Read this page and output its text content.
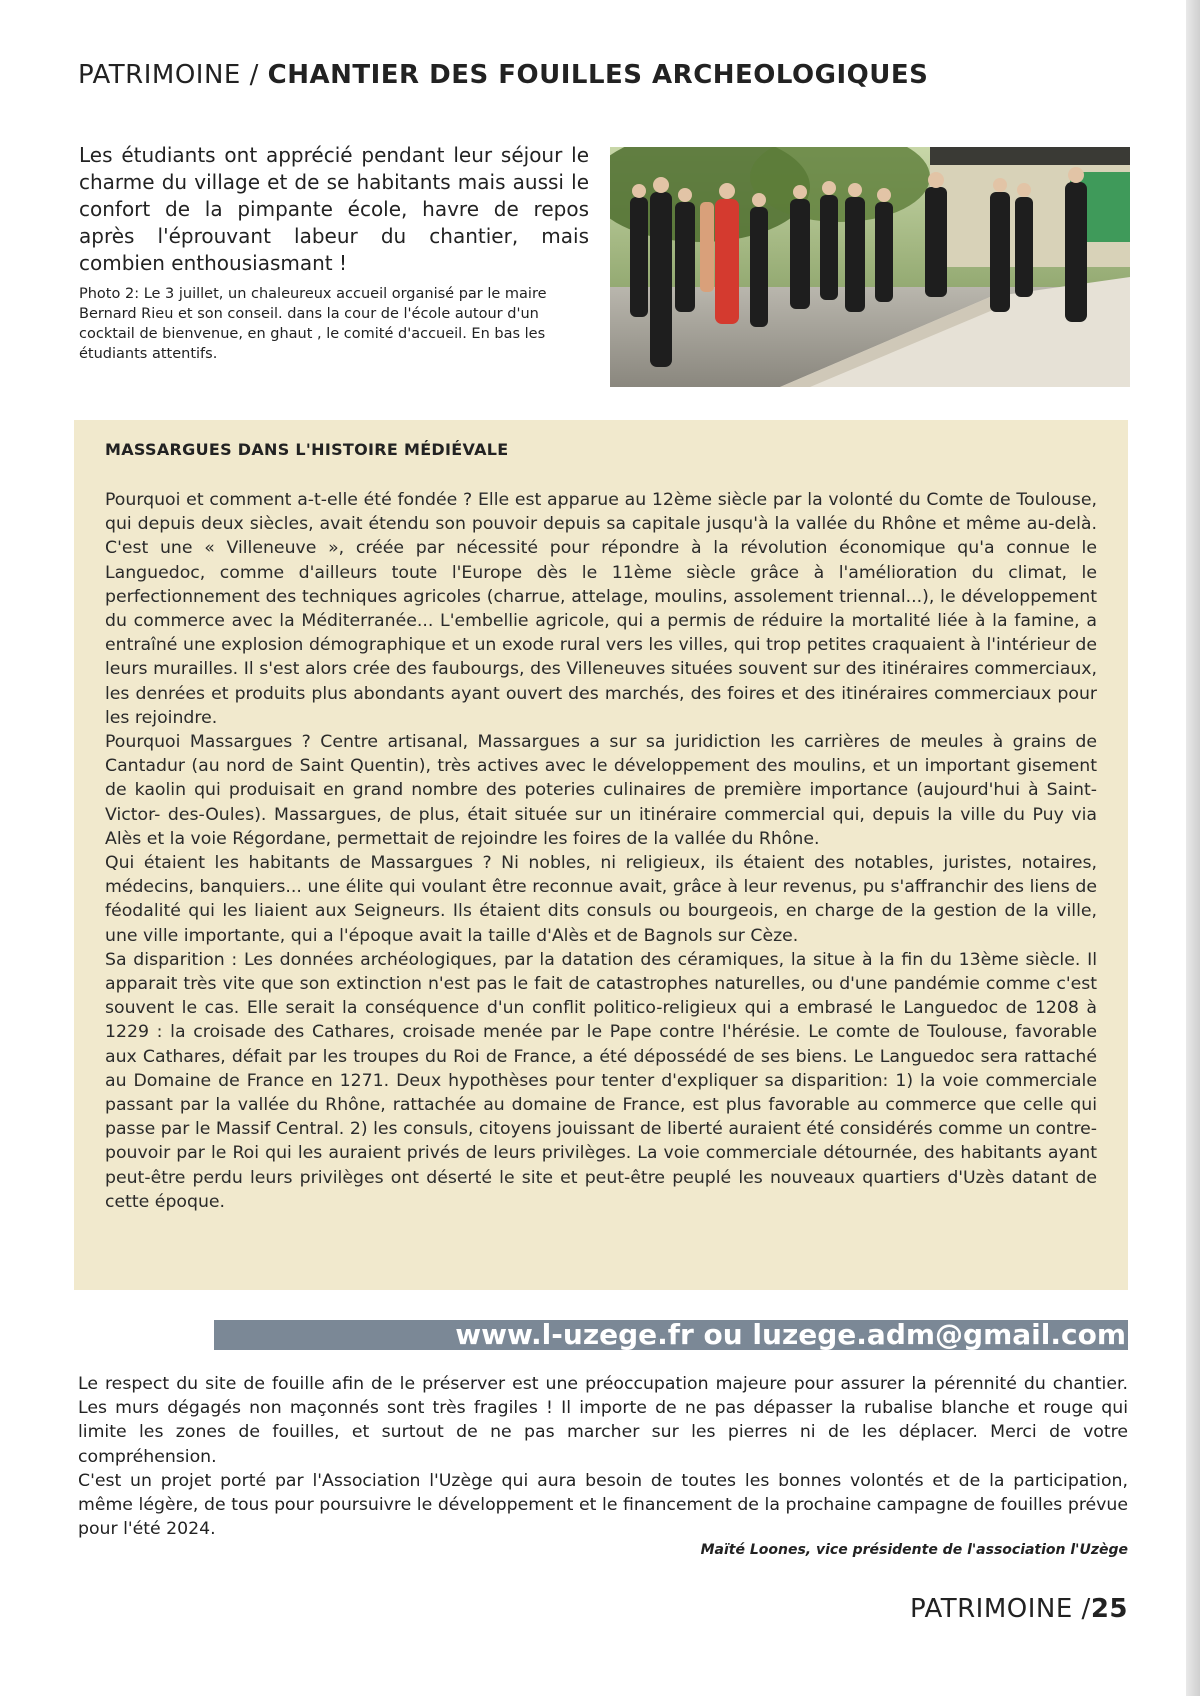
PATRIMOINE / CHANTIER DES FOUILLES ARCHEOLOGIQUES
Les étudiants ont apprécié pendant leur séjour le charme du village et de se habitants mais aussi le confort de la pimpante école, havre de repos après l'éprouvant labeur du chantier, mais combien enthousiasmant !
Photo 2: Le 3 juillet, un chaleureux accueil organisé par le maire Bernard Rieu et son conseil. dans la cour de l'école autour d'un cocktail de bienvenue, en ghaut , le comité d'accueil. En bas les étudiants attentifs.
MASSARGUES DANS L'HISTOIRE MÉDIÉVALE

Pourquoi et comment a-t-elle été fondée ? Elle est apparue au 12ème siècle par la volonté du Comte de Toulouse, qui depuis deux siècles, avait étendu son pouvoir depuis sa capitale jusqu'à la vallée du Rhône et même au-delà. C'est une « Villeneuve », créée par nécessité pour répondre à la révolution économique qu'a connue le Languedoc, comme d'ailleurs toute l'Europe dès le 11ème siècle grâce à l'amélioration du climat, le perfectionnement des techniques agricoles (charrue, attelage, moulins, assolement triennal...), le développement du commerce avec la Méditerranée... L'embellie agricole, qui a permis de réduire la mortalité liée à la famine, a entraîné une explosion démographique et un exode rural vers les villes, qui trop petites craquaient à l'intérieur de leurs murailles. Il s'est alors crée des faubourgs, des Villeneuves situées souvent sur des itinéraires commerciaux, les denrées et produits plus abondants ayant ouvert des marchés, des foires et des itinéraires commerciaux pour les rejoindre.

Pourquoi Massargues ? Centre artisanal, Massargues a sur sa juridiction les carrières de meules à grains de Cantadur (au nord de Saint Quentin), très actives avec le développement des moulins, et un important gisement de kaolin qui produisait en grand nombre des poteries culinaires de première importance (aujourd'hui à Saint-Victor- des-Oules). Massargues, de plus, était située sur un itinéraire commercial qui, depuis la ville du Puy via Alès et la voie Régordane, permettait de rejoindre les foires de la vallée du Rhône.

Qui étaient les habitants de Massargues ? Ni nobles, ni religieux, ils étaient des notables, juristes, notaires, médecins, banquiers... une élite qui voulant être reconnue avait, grâce à leur revenus, pu s'affranchir des liens de féodalité qui les liaient aux Seigneurs. Ils étaient dits consuls ou bourgeois, en charge de la gestion de la ville, une ville importante, qui a l'époque avait la taille d'Alès et de Bagnols sur Cèze.

Sa disparition : Les données archéologiques, par la datation des céramiques, la situe à la fin du 13ème siècle. Il apparait très vite que son extinction n'est pas le fait de catastrophes naturelles, ou d'une pandémie comme c'est souvent le cas. Elle serait la conséquence d'un conflit politico-religieux qui a embrasé le Languedoc de 1208 à 1229 : la croisade des Cathares, croisade menée par le Pape contre l'hérésie. Le comte de Toulouse, favorable aux Cathares, défait par les troupes du Roi de France, a été dépossédé de ses biens. Le Languedoc sera rattaché au Domaine de France en 1271. Deux hypothèses pour tenter d'expliquer sa disparition: 1) la voie commerciale passant par la vallée du Rhône, rattachée au domaine de France, est plus favorable au commerce que celle qui passe par le Massif Central. 2) les consuls, citoyens jouissant de liberté auraient été considérés comme un contre-pouvoir par le Roi qui les auraient privés de leurs privilèges. La voie commerciale détournée, des habitants ayant peut-être perdu leurs privilèges ont déserté le site et peut-être peuplé les nouveaux quartiers d'Uzès datant de cette époque.

www.l-uzege.fr ou luzege.adm@gmail.com

Le respect du site de fouille afin de le préserver est une préoccupation majeure pour assurer la pérennité du chantier. Les murs dégagés non maçonnés sont très fragiles ! Il importe de ne pas dépasser la rubalise blanche et rouge qui limite les zones de fouilles, et surtout de ne pas marcher sur les pierres ni de les déplacer. Merci de votre compréhension.

C'est un projet porté par l'Association l'Uzège qui aura besoin de toutes les bonnes volontés et de la participation, même légère, de tous pour poursuivre le développement et le financement de la prochaine campagne de fouilles prévue pour l'été 2024.

Maïté Loones, vice présidente de l'association l'Uzège
PATRIMOINE /25
